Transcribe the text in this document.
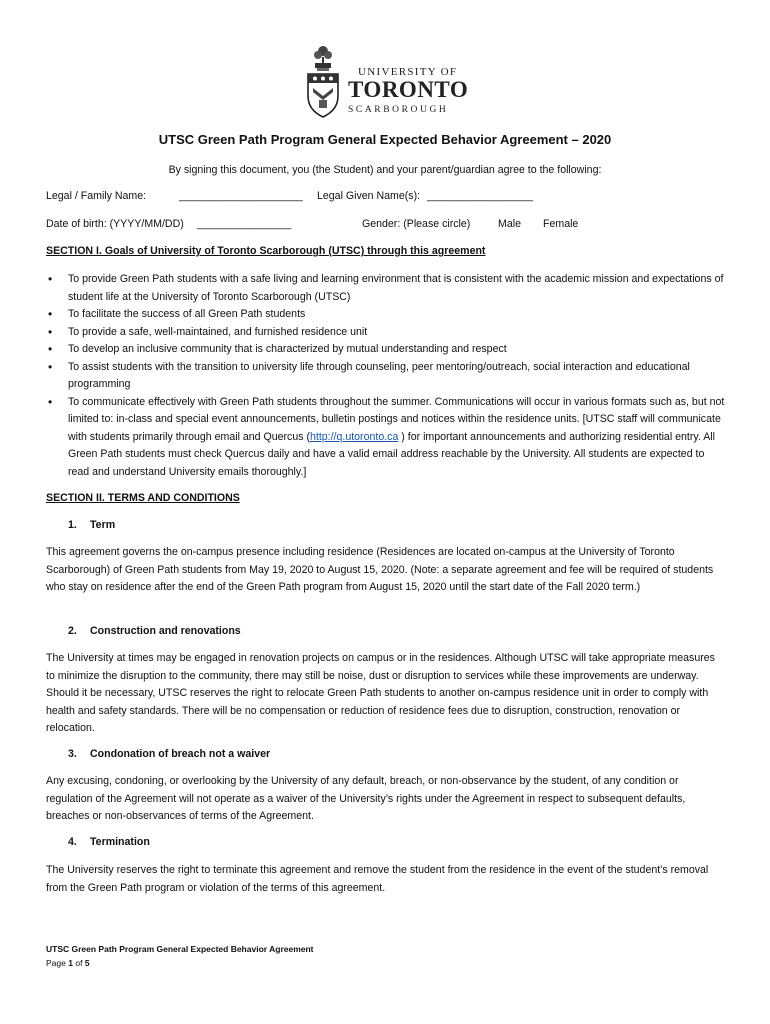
UNIVERSITY OF
TORONTO
SCARBOROUGH
UTSC Green Path Program General Expected Behavior Agreement – 2020
By signing this document, you (the Student) and your parent/guardian agree to the following:
Legal / Family Name:	_____________________ Legal Given Name(s): __________________
Date of birth: (YYYY/MM/DD) ________________	Gender: (Please circle)	Male Female
SECTION I. Goals of University of Toronto Scarborough (UTSC) through this agreement
• To provide Green Path students with a safe living and learning environment that is consistent with the academic mission and expectations of student life at the University of Toronto Scarborough (UTSC)
• To facilitate the success of all Green Path students
• To provide a safe, well-maintained, and furnished residence unit
• To develop an inclusive community that is characterized by mutual understanding and respect
• To assist students with the transition to university life through counseling, peer mentoring/outreach, social interaction and educational programming
• To communicate effectively with Green Path students throughout the summer. Communications will occur in various formats such as, but not limited to: in-class and special event announcements, bulletin postings and notices within the residence units. [UTSC staff will communicate with students primarily through email and Quercus (http://q.utoronto.ca ) for important announcements and authorizing residential entry. All Green Path students must check Quercus daily and have a valid email address reachable by the University. All students are expected to read and understand University emails thoroughly.]
SECTION II. TERMS AND CONDITIONS
1. Term
This agreement governs the on-campus presence including residence (Residences are located on-campus at the University of Toronto Scarborough) of Green Path students from May 19, 2020 to August 15, 2020. (Note: a separate agreement and fee will be required of students who stay on residence after the end of the Green Path program from August 15, 2020 until the start date of the Fall 2020 term.)
2. Construction and renovations
The University at times may be engaged in renovation projects on campus or in the residences. Although UTSC will take appropriate measures to minimize the disruption to the community, there may still be noise, dust or disruption to services while these improvements are underway. Should it be necessary, UTSC reserves the right to relocate Green Path students to another on-campus residence unit in order to comply with health and safety standards. There will be no compensation or reduction of residence fees due to disruption, construction, renovation or relocation.
3. Condonation of breach not a waiver
Any excusing, condoning, or overlooking by the University of any default, breach, or non-observance by the student, of any condition or regulation of the Agreement will not operate as a waiver of the University’s rights under the Agreement in respect to subsequent defaults, breaches or non-observances of terms of the Agreement.
4. Termination
The University reserves the right to terminate this agreement and remove the student from the residence in the event of the student’s removal from the Green Path program or violation of the terms of this agreement.
UTSC Green Path Program General Expected Behavior Agreement
Page 1 of 5
